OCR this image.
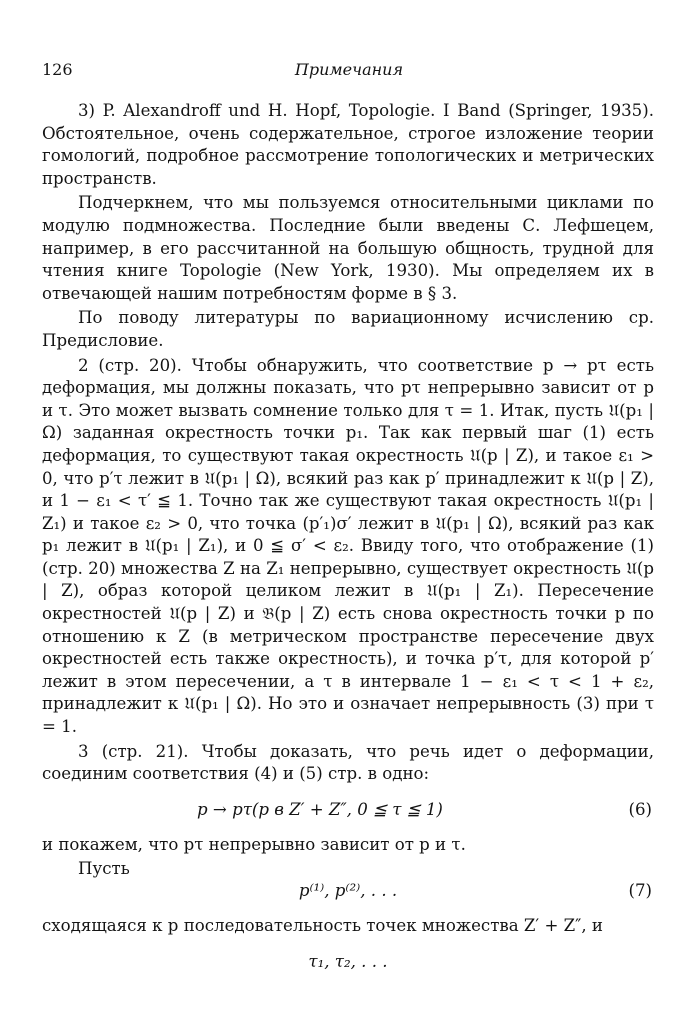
126	Примечания

3) P. Alexandroff und H. Hopf, Topologie. I Band (Springer, 1935). Обстоятельное, очень содержательное, строгое изложение теории гомологий, подробное рассмотрение топологических и метрических пространств.

Подчеркнем, что мы пользуемся относительными циклами по модулю подмножества. Последние были введены С. Лефшецем, например, в его рассчитанной на большую общность, трудной для чтения книге Topologie (New York, 1930). Мы определяем их в отвечающей нашим потребностям форме в § 3.

По поводу литературы по вариационному исчислению ср. Предисловие.

2 (стр. 20). Чтобы обнаружить, что соответствие p → pτ есть деформация, мы должны показать, что pτ непрерывно зависит от p и τ. Это может вызвать сомнение только для τ = 1. Итак, пусть 𝔘(p₁ | Ω) заданная окрестность точки p₁. Так как первый шаг (1) есть деформация, то существуют такая окрестность 𝔘(p | Z), и такое ε₁ > 0, что p′τ лежит в 𝔘(p₁ | Ω), всякий раз как p′ принадлежит к 𝔘(p | Z), и 1 − ε₁ < τ′ ≦ 1. Точно так же существуют такая окрестность 𝔘(p₁ | Z₁) и такое ε₂ > 0, что точка (p′₁)σ′ лежит в 𝔘(p₁ | Ω), всякий раз как p₁ лежит в 𝔘(p₁ | Z₁), и 0 ≦ σ′ < ε₂. Ввиду того, что отображение (1) (стр. 20) множества Z на Z₁ непрерывно, существует окрестность 𝔘(p | Z), образ которой целиком лежит в 𝔘(p₁ | Z₁). Пересечение окрестностей 𝔘(p | Z) и 𝔅(p | Z) есть снова окрестность точки p по отношению к Z (в метрическом пространстве пересечение двух окрестностей есть также окрестность), и точка p′τ, для которой p′ лежит в этом пересечении, а τ в интервале 1 − ε₁ < τ < 1 + ε₂, принадлежит к 𝔘(p₁ | Ω). Но это и означает непрерывность (3) при τ = 1.

3 (стр. 21). Чтобы доказать, что речь идет о деформации, соединим соответствия (4) и (5) стр. в одно:

p → pτ(p в Z′ + Z″, 0 ≦ τ ≦ 1)	(6)

и покажем, что pτ непрерывно зависит от p и τ.

Пусть

p⁽¹⁾, p⁽²⁾, . . .	(7)

сходящаяся к p последовательность точек множества Z′ + Z″, и

τ₁, τ₂, . . .
